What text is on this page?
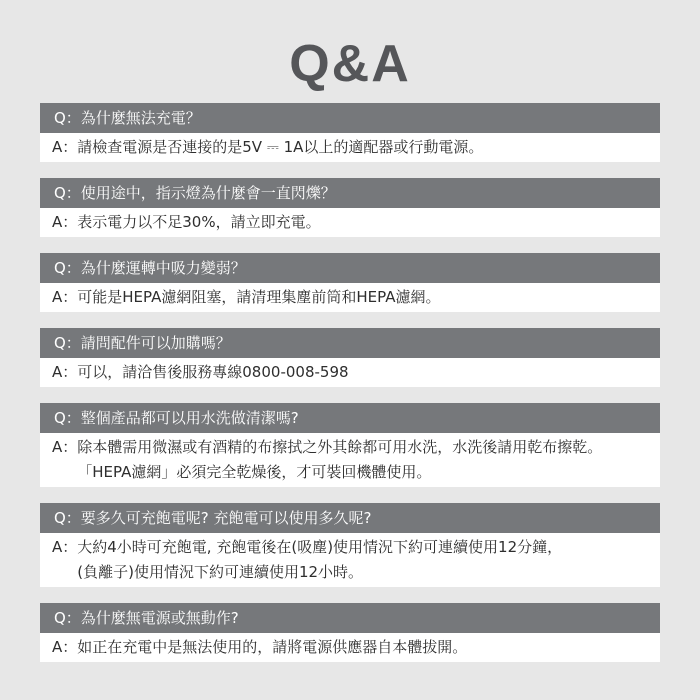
Q&A
Q：為什麼無法充電？
A： 請檢查電源是否連接的是5V ⎓ 1A以上的適配器或行動電源。
Q：使用途中，指示燈為什麼會一直閃爍？
A： 表示電力以不足30%，請立即充電。
Q：為什麼運轉中吸力變弱？
A： 可能是HEPA濾網阻塞，請清理集塵前筒和HEPA濾網。
Q：請問配件可以加購嗎？
A： 可以，請洽售後服務專線0800-008-598
Q：整個產品都可以用水洗做清潔嗎?
A： 除本體需用微濕或有酒精的布擦拭之外其餘都可用水洗，水洗後請用乾布擦乾。
「HEPA濾網」必須完全乾燥後，才可裝回機體使用。
Q：要多久可充飽電呢? 充飽電可以使用多久呢?
A： 大約4小時可充飽電, 充飽電後在(吸塵)使用情況下約可連續使用12分鐘，
(負離子)使用情況下約可連續使用12小時。
Q：為什麼無電源或無動作?
A： 如正在充電中是無法使用的，請將電源供應器自本體拔開。
